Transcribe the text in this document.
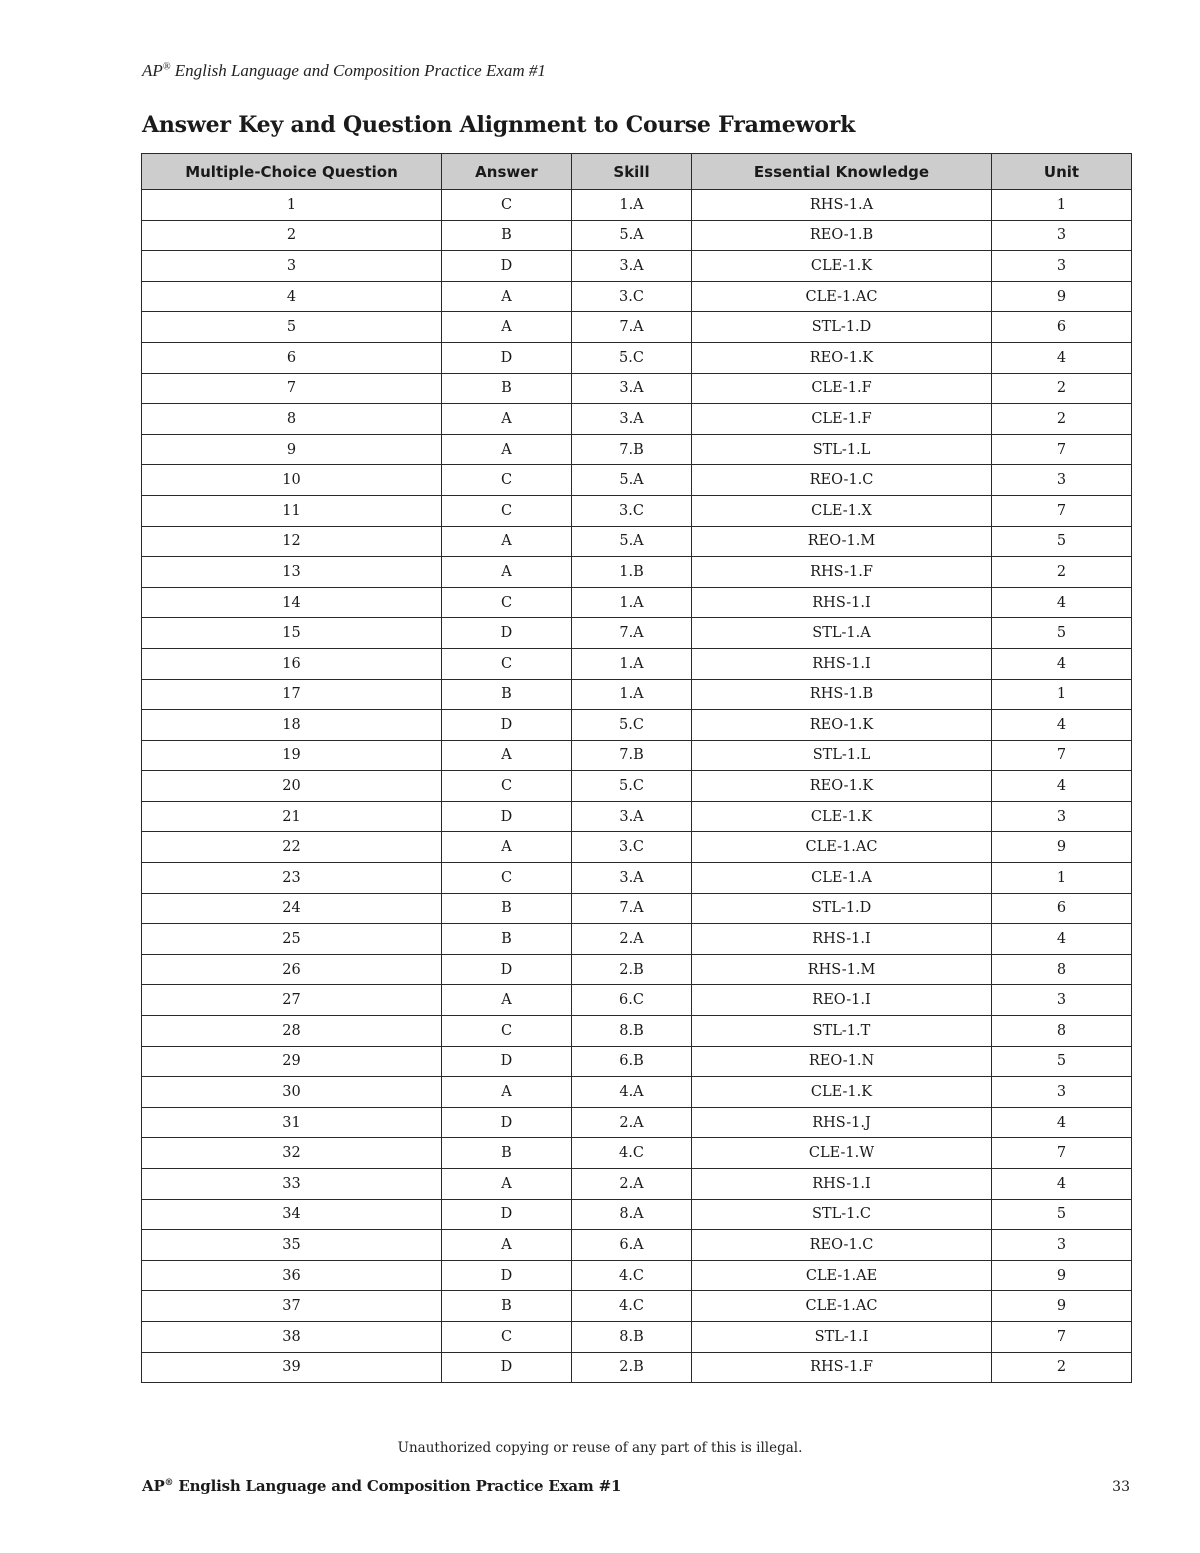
AP® English Language and Composition Practice Exam #1
Answer Key and Question Alignment to Course Framework
Multiple-Choice Question	Answer	Skill	Essential Knowledge	Unit
1	C	1.A	RHS-1.A	1
2	B	5.A	REO-1.B	3
3	D	3.A	CLE-1.K	3
4	A	3.C	CLE-1.AC	9
5	A	7.A	STL-1.D	6
6	D	5.C	REO-1.K	4
7	B	3.A	CLE-1.F	2
8	A	3.A	CLE-1.F	2
9	A	7.B	STL-1.L	7
10	C	5.A	REO-1.C	3
11	C	3.C	CLE-1.X	7
12	A	5.A	REO-1.M	5
13	A	1.B	RHS-1.F	2
14	C	1.A	RHS-1.I	4
15	D	7.A	STL-1.A	5
16	C	1.A	RHS-1.I	4
17	B	1.A	RHS-1.B	1
18	D	5.C	REO-1.K	4
19	A	7.B	STL-1.L	7
20	C	5.C	REO-1.K	4
21	D	3.A	CLE-1.K	3
22	A	3.C	CLE-1.AC	9
23	C	3.A	CLE-1.A	1
24	B	7.A	STL-1.D	6
25	B	2.A	RHS-1.I	4
26	D	2.B	RHS-1.M	8
27	A	6.C	REO-1.I	3
28	C	8.B	STL-1.T	8
29	D	6.B	REO-1.N	5
30	A	4.A	CLE-1.K	3
31	D	2.A	RHS-1.J	4
32	B	4.C	CLE-1.W	7
33	A	2.A	RHS-1.I	4
34	D	8.A	STL-1.C	5
35	A	6.A	REO-1.C	3
36	D	4.C	CLE-1.AE	9
37	B	4.C	CLE-1.AC	9
38	C	8.B	STL-1.I	7
39	D	2.B	RHS-1.F	2
Unauthorized copying or reuse of any part of this is illegal.
AP® English Language and Composition Practice Exam #1	33
